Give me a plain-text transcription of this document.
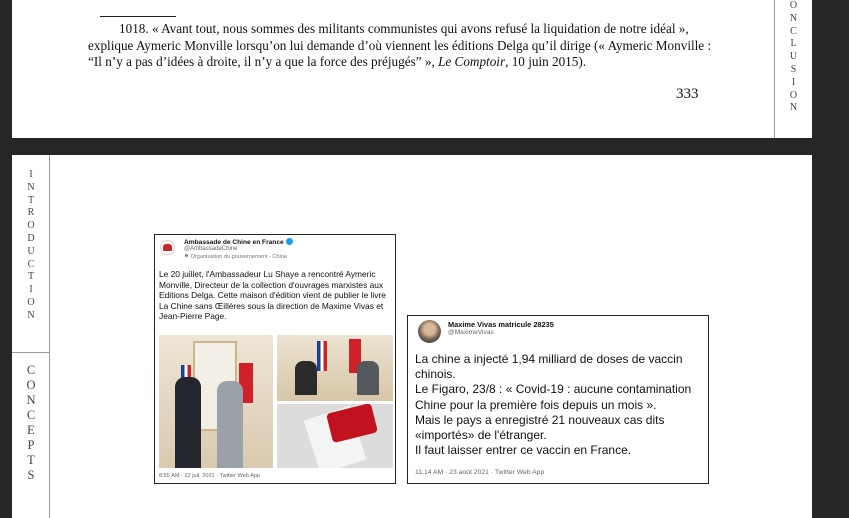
1018. « Avant tout, nous sommes des militants communistes qui avons refusé la liquidation de notre idéal », explique Aymeric Monville lorsqu’on lui demande d’où viennent les éditions Delga qu’il dirige (« Aymeric Monville : “Il n’y a pas d’idées à droite, il n’y a que la force des préjugés” », Le Comptoir, 10 juin 2015).

333
O
N
C
L
U
S
I
O
N
I
N
T
R
O
D
U
C
T
I
O
N
C
O
N
C
E
P
T
S
Ambassade de Chine en France
@AmbassadeChine
⚑ Organisation du gouvernement - Chine
Le 20 juillet, l'Ambassadeur Lu Shaye a rencontré Aymeric Monville, Directeur de la collection d'ouvrages marxistes aux Editions Delga. Cette maison d'édition vient de publier le livre La Chine sans Œillères sous la direction de Maxime Vivas et Jean-Pierre Page.
8:55 AM · 22 juil. 2021 · Twitter Web App
Maxime Vivas matricule 28235
@MaximeVivas
La chine a injecté 1,94 milliard de doses de vaccin
chinois.
Le Figaro, 23/8 : « Covid-19 : aucune contamination
Chine pour la première fois depuis un mois ».
Mais le pays a enregistré 21 nouveaux cas dits
«importés» de l'étranger.
Il faut laisser entrer ce vaccin en France.
11:14 AM · 23 août 2021 · Twitter Web App
